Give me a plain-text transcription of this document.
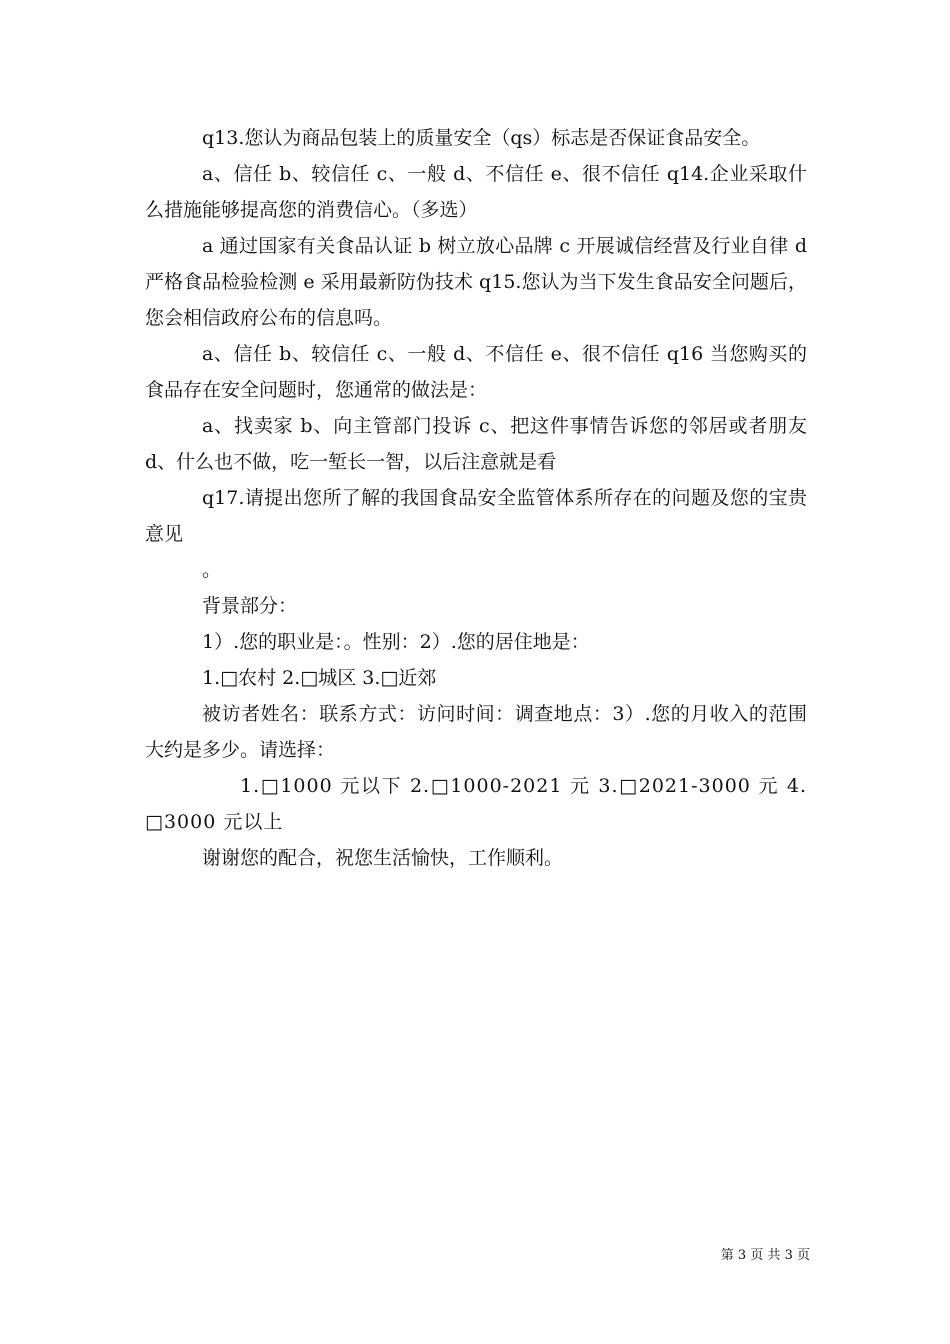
q13.您认为商品包装上的质量安全（qs）标志是否保证食品安全。

a、信任 b、较信任 c、一般 d、不信任 e、很不信任 q14.企业采取什么措施能够提高您的消费信心。（多选）

a 通过国家有关食品认证 b 树立放心品牌 c 开展诚信经营及行业自律 d 严格食品检验检测 e 采用最新防伪技术 q15.您认为当下发生食品安全问题后，您会相信政府公布的信息吗。

a、信任 b、较信任 c、一般 d、不信任 e、很不信任 q16 当您购买的食品存在安全问题时，您通常的做法是：

a、找卖家 b、向主管部门投诉 c、把这件事情告诉您的邻居或者朋友 d、什么也不做，吃一堑长一智，以后注意就是看

q17.请提出您所了解的我国食品安全监管体系所存在的问题及您的宝贵意见

。

背景部分：

1）.您的职业是：。性别：2）.您的居住地是：

1.□农村 2.□城区 3.□近郊

被访者姓名：联系方式：访问时间：调查地点：3）.您的月收入的范围大约是多少。请选择：

1.□1000 元以下 2.□1000-2021 元 3.□2021-3000 元 4.□3000 元以上

谢谢您的配合，祝您生活愉快，工作顺利。

第 3 页 共 3 页
